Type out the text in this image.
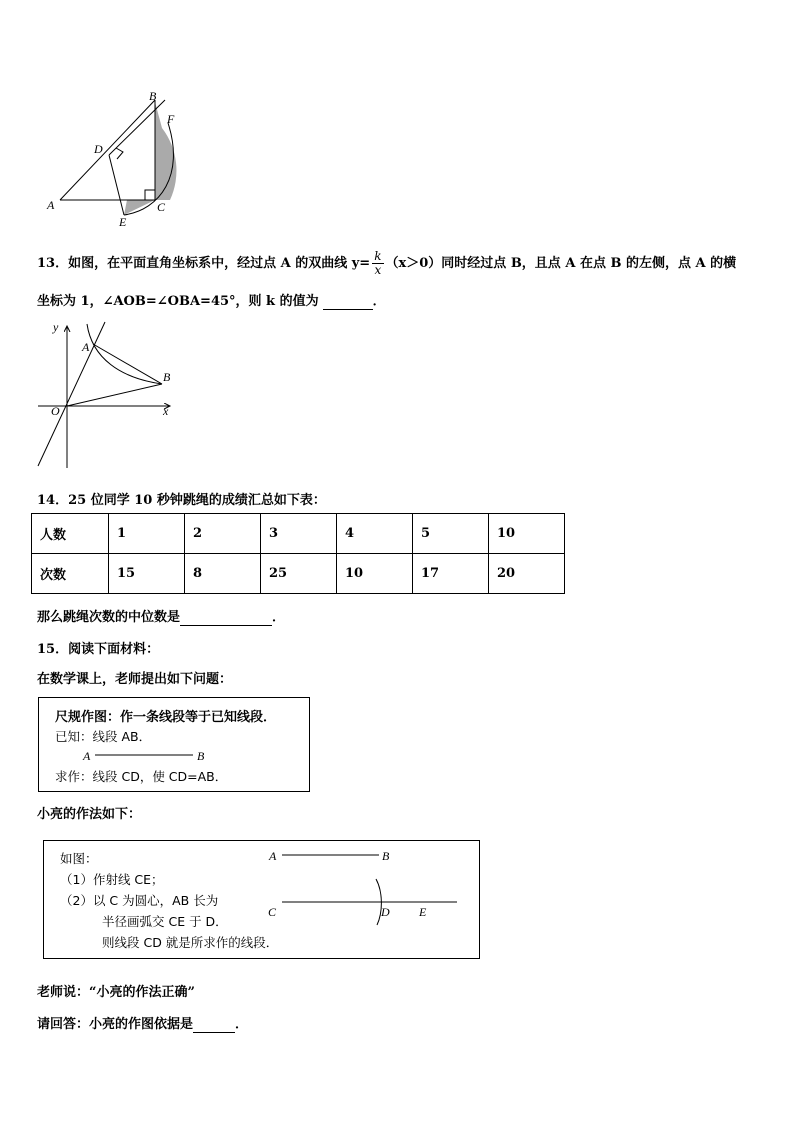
B
F
D
A	C
E
13．如图，在平面直角坐标系中，经过点 A 的双曲线 $y= \frac{k}{x} (x>0)$同时经过点 B，且点 A 在点 B 的左侧，点 A 的横
坐标为 1，∠AOB=∠OBA=45°，则 k 的值为	．
y
A
B
O	x
14．25 位同学 10 秒钟跳绳的成绩汇总如下表：
人数	1	2	3	4	5	10
次数	15	8	25	10	17	20
那么跳绳次数的中位数是	．
15．阅读下面材料：
在数学课上，老师提出如下问题：
尺规作图：作一条线段等于已知线段．
已知：线段 AB．
A	B
求作：线段 CD，使 CD=AB．
小亮的作法如下：
如图：
（1）作射线 CE；
（2）以 C 为圆心，AB 长为
半径画弧交 CE 于 D．
则线段 CD 就是所求作的线段．
A	B
C	D E
老师说：“小亮的作法正确”
请回答：小亮的作图依据是	．
